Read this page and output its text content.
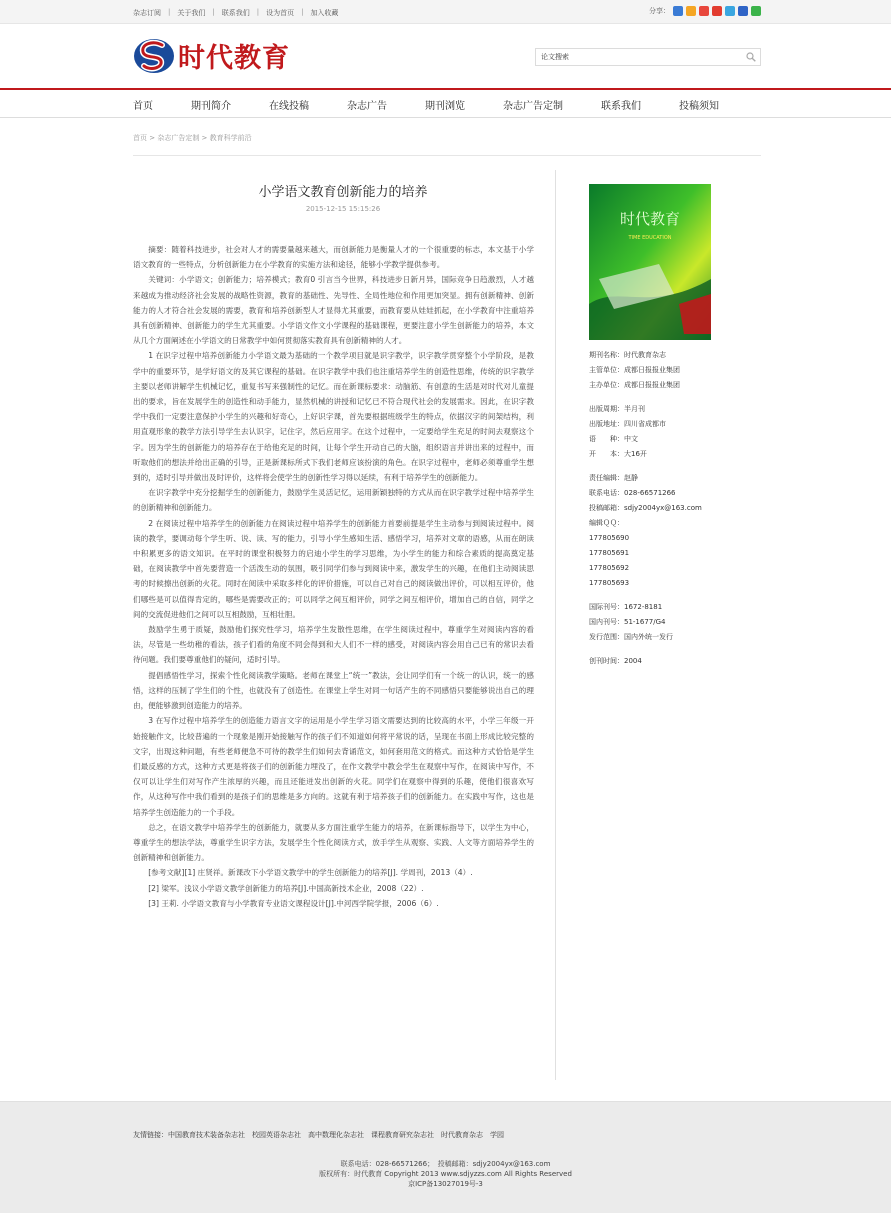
杂志订阅 | 关于我们 | 联系我们 | 设为首页 | 加入收藏	分享：
时代教育
论文搜索
首页	期刊简介	在线投稿	杂志广告	期刊浏览	杂志广告定制	联系我们	投稿须知
首页 > 杂志广告定制 > 教育科学前沿
小学语文教育创新能力的培养
2015-12-15 15:15:26

摘要：随着科技进步，社会对人才的需要量越来越大，而创新能力是衡量人才的一个很重要的标志，本文基于小学语文教育的一些特点，分析创新能力在小学教育的实施方法和途径，能够小学教学提供参考。

关键词：小学语文；创新能力；培养模式；教育0 引言当今世界，科技进步日新月异，国际竞争日趋激烈，人才越来越成为推动经济社会发展的战略性资源，教育的基础性、先导性、全局性地位和作用更加突显。拥有创新精神、创新能力的人才符合社会发展的需要，教育和培养创新型人才显得尤其重要，而教育要从娃娃抓起，在小学教育中注重培养具有创新精神、创新能力的学生尤其重要。小学语文作文小学课程的基础课程，更要注意小学生创新能力的培养，本文从几个方面阐述在小学语文的日常教学中如何贯彻落实教育具有创新精神的人才。

1 在识字过程中培养创新能力小学语文最为基础的一个教学项目就是识字教学，识字教学贯穿整个小学阶段，是教学中的重要环节，是学好语文的及其它课程的基础。在识字教学中我们也注重培养学生的创造性思维，传统的识字教学主要以老师讲解学生机械记忆，重复书写来强制性的记忆。而在新课标要求：动脑筋、有创意的生活是对时代对儿童提出的要求，旨在发展学生的创造性和动手能力，显然机械的讲授和记忆已不符合现代社会的发展需求。因此，在识字教学中我们一定要注意保护小学生的兴趣和好奇心，上好识字课，首先要根据班级学生的特点，依据汉字的间架结构，利用直观形象的教学方法引导学生去认识字，记住字，然后应用字。在这个过程中，一定要给学生充足的时间去观察这个字。因为学生的创新能力的培养存在于给他充足的时间，让每个学生开动自己的大脑，组织语言并讲出来的过程中，而听取他们的想法并给出正确的引导，正是新课标所式下我们老师应该扮演的角色。在识字过程中，老师必须尊重学生想到的，适时引导并做出及时评价，这样将会使学生的创新性学习得以延续，有利于培养学生的创新能力。

在识字教学中充分挖掘学生的创新能力，鼓励学生灵活记忆，运用新颖独特的方式从而在识字教学过程中培养学生的创新精神和创新能力。

2 在阅读过程中培养学生的创新能力在阅读过程中培养学生的创新能力首要前提是学生主动参与到阅读过程中。阅读的教学，要调动每个学生听、说、读、写的能力，引导小学生感知生活、感悟学习，培养对文章的语感，从而在朗读中积累更多的语文知识。在平时的课堂积极努力的启迪小学生的学习思维，为小学生的能力和综合素质的提高奠定基础，在阅读教学中首先要营造一个活泼生动的氛围，吸引同学们参与到阅读中来，激发学生的兴趣，在他们主动阅读思考的时候擦出创新的火花。同时在阅读中采取多样化的评价措施，可以自己对自己的阅读做出评价，可以相互评价，他们哪些是可以值得肯定的，哪些是需要改正的；可以同学之间互相评价，同学之间互相评价，增加自己的自信，同学之间的交流促进他们之间可以互相鼓励，互相壮胆。

鼓励学生勇于质疑，鼓励他们探究性学习，培养学生发散性思维，在学生阅读过程中，尊重学生对阅读内容的看法，尽管是一些幼稚的看法，孩子们看的角度不同会得到和大人们不一样的感受，对阅读内容会用自己已有的常识去看待问题。我们要尊重他们的疑问，适时引导。

提倡感悟性学习，探索个性化阅读教学策略。老师在课堂上“统一”教法，会让同学们有一个统一的认识，统一的感悟，这样的压制了学生们的个性，也就没有了创造性。在课堂上学生对同一句话产生的不同感悟只要能够说出自己的理由，便能够激到创造能力的培养。

3 在写作过程中培养学生的创造能力语言文字的运用是小学生学习语文需要达到的比较高的水平，小学三年级一开始接触作文，比较普遍的一个现象是刚开始接触写作的孩子们不知道如何将平常说的话，呈现在书面上形成比较完整的文字，出现这种问题，有些老师便急不可待的教学生们如何去背诵范文，如何套用范文的格式。而这种方式恰恰是学生们最反感的方式，这种方式更是将孩子们的创新能力埋没了，在作文教学中教会学生在观察中写作，在阅读中写作，不仅可以让学生们对写作产生浓厚的兴趣，而且还能迸发出创新的火花。同学们在观察中得到的乐趣，使他们很喜欢写作，从这种写作中我们看到的是孩子们的思维是多方向的。这就有利于培养孩子们的创新能力。在实践中写作，这也是培养学生创造能力的一个手段。

总之，在语文教学中培养学生的创新能力，就要从多方面注重学生能力的培养，在新课标指导下，以学生为中心，尊重学生的想法学法，尊重学生识字方法，发展学生个性化阅读方式，放手学生从观察、实践、人文等方面培养学生的创新精神和创新能力。

[参考文献][1] 庄贤祥。新课改下小学语文教学中的学生创新能力的培养[J]. 学周刊，2013（4）.

[2] 梁军。浅议小学语文教学创新能力的培养[J].中国高新技术企业，2008（22）.

[3] 王莉. 小学语文教育与小学教育专业语文课程设计[J].中河西学院学报，2006（6）.

时代教育
TIME EDUCATION
期刊名称：时代教育杂志
主管单位：成都日报报业集团
主办单位：成都日报报业集团
出版周期：半月刊
出版地址：四川省成都市
语　　种：中文
开　　本：大16开
责任编辑：赵静
联系电话：028-66571266
投稿邮箱：sdjy2004yx@163.com
编辑ＱＱ：
177805690
177805691
177805692
177805693
国际刊号：1672-8181
国内刊号：51-1677/G4
发行范围：国内外统一发行
创刊时间：2004
友情链接： 中国教育技术装备杂志社 校园英语杂志社 高中数理化杂志社 课程教育研究杂志社 时代教育杂志 学园
联系电话：028-66571266；　投稿邮箱：sdjy2004yx@163.com
版权所有：时代教育 Copyright 2013 www.sdjyzzs.com All Rights Reserved
京ICP备13027019号-3
